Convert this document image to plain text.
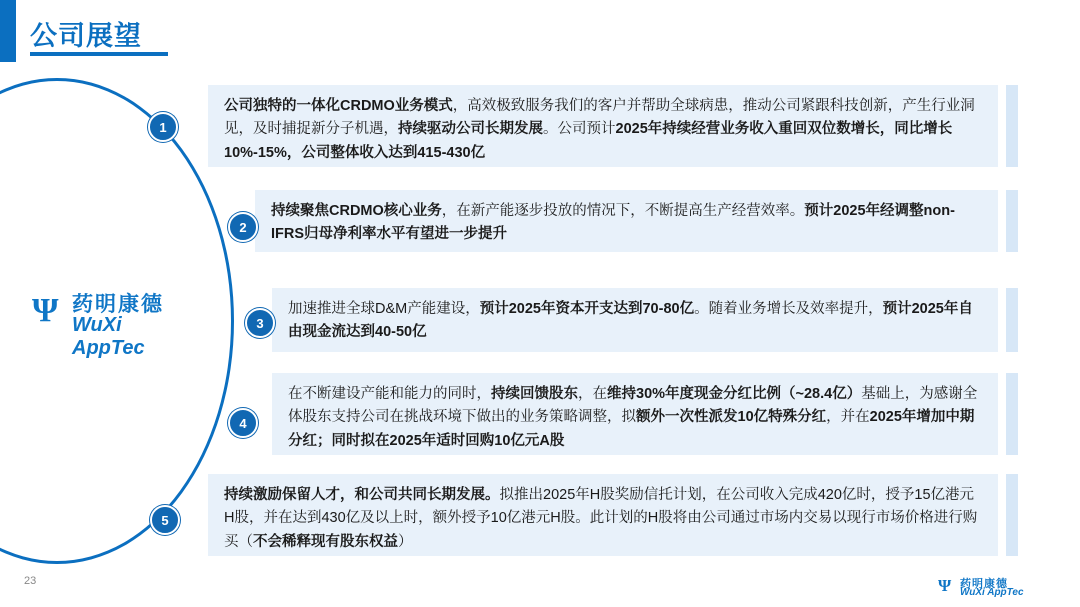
公司展望
Ψ 药明康德
WuXi AppTec
1
公司独特的一体化CRDMO业务模式，高效极致服务我们的客户并帮助全球病患，推动公司紧跟科技创新，产生行业洞见，及时捕捉新分子机遇，持续驱动公司长期发展。公司预计2025年持续经营业务收入重回双位数增长，同比增长10%-15%，公司整体收入达到415-430亿
2
持续聚焦CRDMO核心业务，在新产能逐步投放的情况下，不断提高生产经营效率。预计2025年经调整non-IFRS归母净利率水平有望进一步提升
3
加速推进全球D&M产能建设，预计2025年资本开支达到70-80亿。随着业务增长及效率提升，预计2025年自由现金流达到40-50亿
4
在不断建设产能和能力的同时，持续回馈股东，在维持30%年度现金分红比例（~28.4亿）基础上，为感谢全体股东支持公司在挑战环境下做出的业务策略调整，拟额外一次性派发10亿特殊分红，并在2025年增加中期分红；同时拟在2025年适时回购10亿元A股
5
持续激励保留人才，和公司共同长期发展。拟推出2025年H股奖励信托计划，在公司收入完成420亿时，授予15亿港元H股，并在达到430亿及以上时，额外授予10亿港元H股。此计划的H股将由公司通过市场内交易以现行市场价格进行购买（不会稀释现有股东权益）
23	Ψ 药明康德
WuXi AppTec
